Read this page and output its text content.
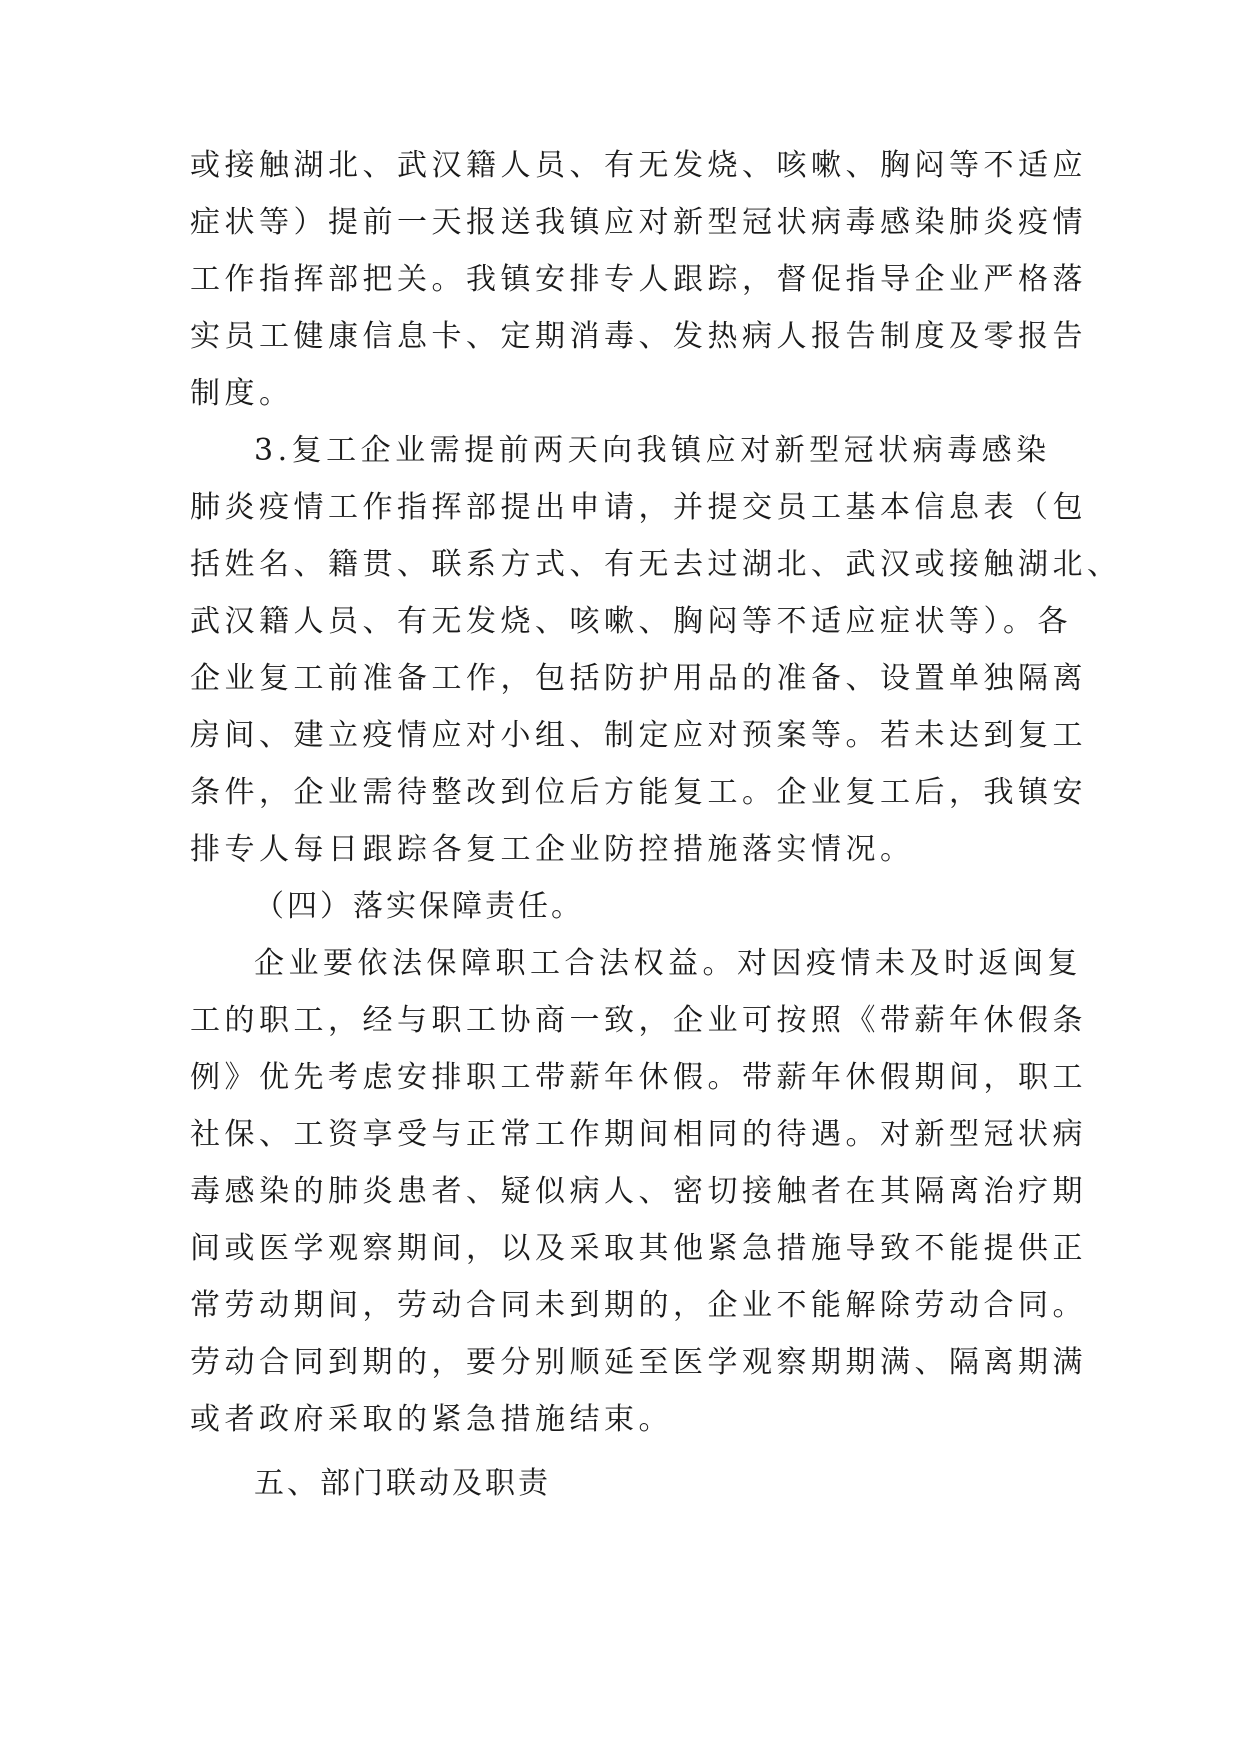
或接触湖北、武汉籍人员、有无发烧、咳嗽、胸闷等不适应
症状等）提前一天报送我镇应对新型冠状病毒感染肺炎疫情
工作指挥部把关。我镇安排专人跟踪，督促指导企业严格落
实员工健康信息卡、定期消毒、发热病人报告制度及零报告
制度。
3.复工企业需提前两天向我镇应对新型冠状病毒感染
肺炎疫情工作指挥部提出申请，并提交员工基本信息表（包
括姓名、籍贯、联系方式、有无去过湖北、武汉或接触湖北、
武汉籍人员、有无发烧、咳嗽、胸闷等不适应症状等）。各
企业复工前准备工作，包括防护用品的准备、设置单独隔离
房间、建立疫情应对小组、制定应对预案等。若未达到复工
条件，企业需待整改到位后方能复工。企业复工后，我镇安
排专人每日跟踪各复工企业防控措施落实情况。
（四）落实保障责任。
企业要依法保障职工合法权益。对因疫情未及时返闽复
工的职工，经与职工协商一致，企业可按照《带薪年休假条
例》优先考虑安排职工带薪年休假。带薪年休假期间，职工
社保、工资享受与正常工作期间相同的待遇。对新型冠状病
毒感染的肺炎患者、疑似病人、密切接触者在其隔离治疗期
间或医学观察期间，以及采取其他紧急措施导致不能提供正
常劳动期间，劳动合同未到期的，企业不能解除劳动合同。
劳动合同到期的，要分别顺延至医学观察期期满、隔离期满
或者政府采取的紧急措施结束。
五、部门联动及职责
